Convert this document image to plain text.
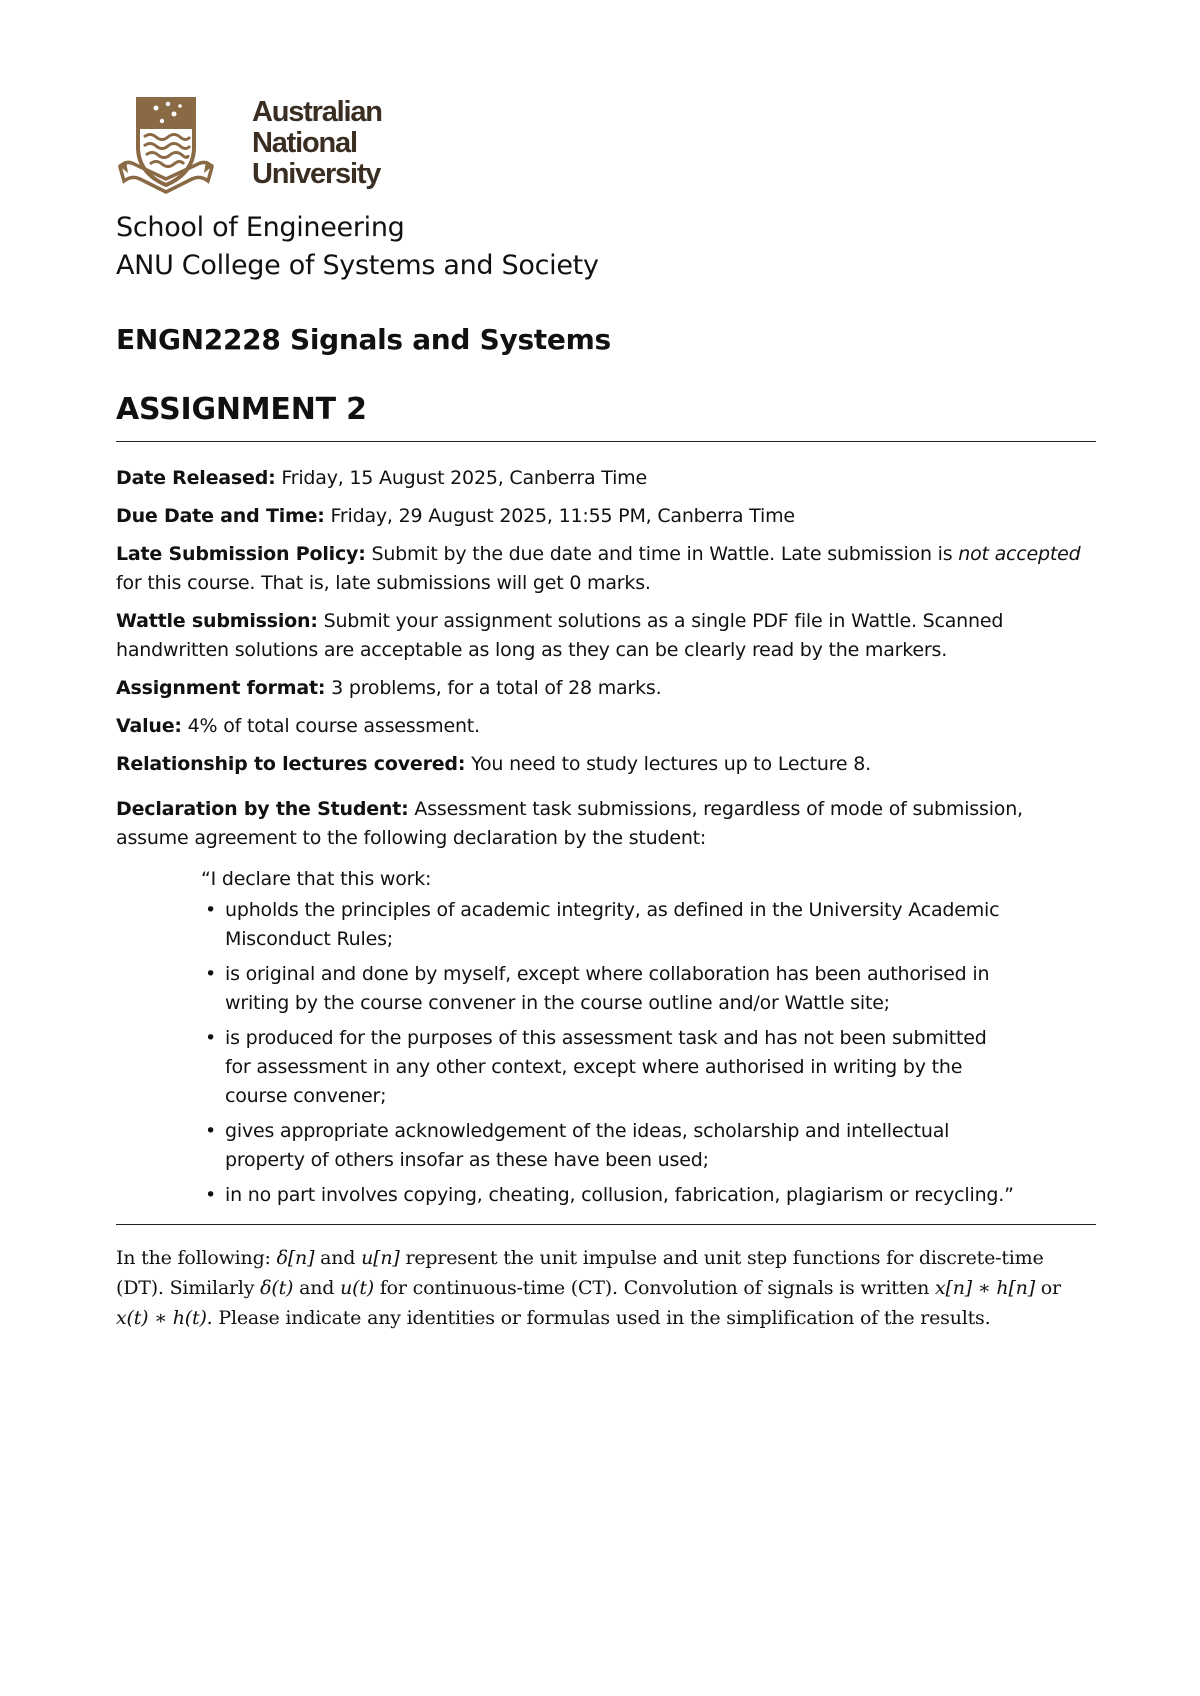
Australian
National
University
School of Engineering
ANU College of Systems and Society
ENGN2228 Signals and Systems
ASSIGNMENT 2

Date Released: Friday, 15 August 2025, Canberra Time

Due Date and Time: Friday, 29 August 2025, 11:55 PM, Canberra Time

Late Submission Policy: Submit by the due date and time in Wattle. Late submission is not accepted for this course. That is, late submissions will get 0 marks.

Wattle submission: Submit your assignment solutions as a single PDF file in Wattle. Scanned handwritten solutions are acceptable as long as they can be clearly read by the markers.

Assignment format: 3 problems, for a total of 28 marks.

Value: 4% of total course assessment.

Relationship to lectures covered: You need to study lectures up to Lecture 8.

Declaration by the Student: Assessment task submissions, regardless of mode of submission, assume agreement to the following declaration by the student:

“I declare that this work:
• upholds the principles of academic integrity, as defined in the University Academic Misconduct Rules;
• is original and done by myself, except where collaboration has been authorised in writing by the course convener in the course outline and/or Wattle site;
• is produced for the purposes of this assessment task and has not been submitted for assessment in any other context, except where authorised in writing by the course convener;
• gives appropriate acknowledgement of the ideas, scholarship and intellectual property of others insofar as these have been used;
• in no part involves copying, cheating, collusion, fabrication, plagiarism or recycling.”
In the following: δ[n] and u[n] represent the unit impulse and unit step functions for discrete-time (DT). Similarly δ(t) and u(t) for continuous-time (CT). Convolution of signals is written x[n] ∗ h[n] or x(t) ∗ h(t). Please indicate any identities or formulas used in the simplification of the results.
